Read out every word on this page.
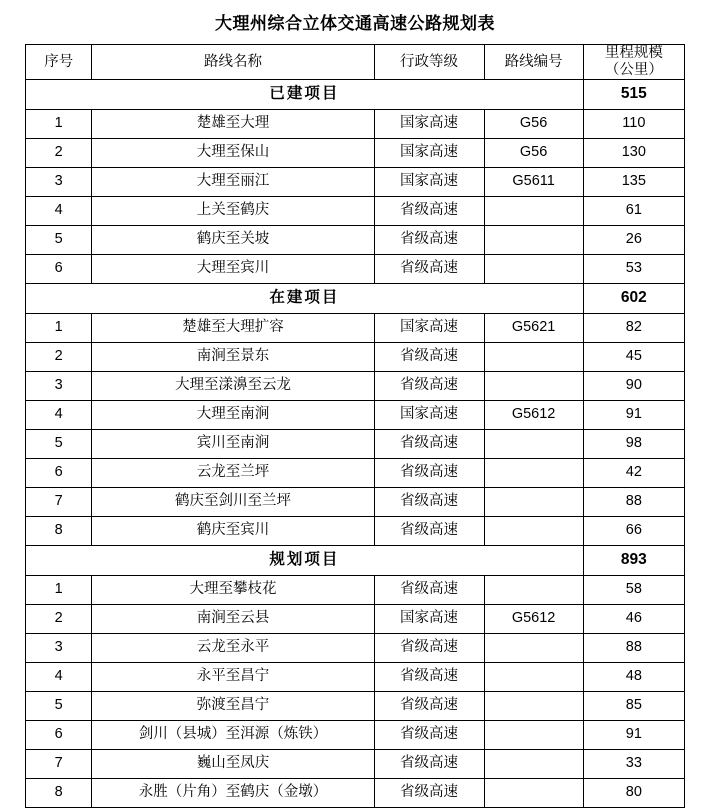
大理州综合立体交通高速公路规划表
序号	路线名称	行政等级	路线编号	里程规模
（公里）

已建项目				515
1	楚雄至大理	国家高速	G56	110
2	大理至保山	国家高速	G56	130
3	大理至丽江	国家高速	G5611	135
4	上关至鹤庆	省级高速		61
5	鹤庆至关坡	省级高速		26
6	大理至宾川	省级高速		53
在建项目				602
1	楚雄至大理扩容	国家高速	G5621	82
2	南涧至景东	省级高速		45
3	大理至漾濞至云龙	省级高速		90
4	大理至南涧	国家高速	G5612	91
5	宾川至南涧	省级高速		98
6	云龙至兰坪	省级高速		42
7	鹤庆至剑川至兰坪	省级高速		88
8	鹤庆至宾川	省级高速		66
规划项目				893
1	大理至攀枝花	省级高速		58
2	南涧至云县	国家高速	G5612	46
3	云龙至永平	省级高速		88
4	永平至昌宁	省级高速		48
5	弥渡至昌宁	省级高速		85
6	剑川（县城）至洱源（炼铁）	省级高速		91
7	巍山至凤庆	省级高速		33
8	永胜（片角）至鹤庆（金墩）	省级高速		80
